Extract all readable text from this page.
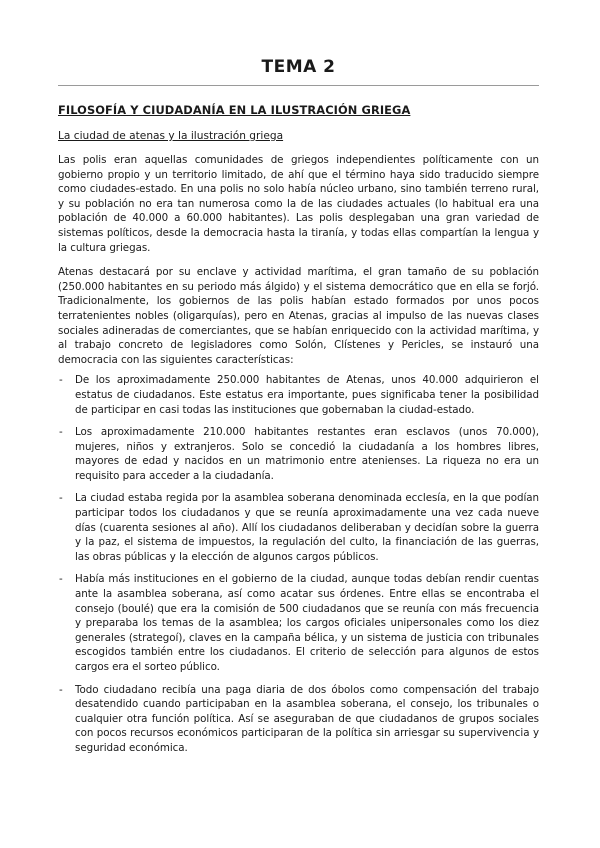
TEMA 2
FILOSOFÍA Y CIUDADANÍA EN LA ILUSTRACIÓN GRIEGA
La ciudad de atenas y la ilustración griega

Las polis eran aquellas comunidades de griegos independientes políticamente con un gobierno propio y un territorio limitado, de ahí que el término haya sido traducido siempre como ciudades-estado. En una polis no solo había núcleo urbano, sino también terreno rural, y su población no era tan numerosa como la de las ciudades actuales (lo habitual era una población de 40.000 a 60.000 habitantes). Las polis desplegaban una gran variedad de sistemas políticos, desde la democracia hasta la tiranía, y todas ellas compartían la lengua y la cultura griegas.

Atenas destacará por su enclave y actividad marítima, el gran tamaño de su población (250.000 habitantes en su periodo más álgido) y el sistema democrático que en ella se forjó. Tradicionalmente, los gobiernos de las polis habían estado formados por unos pocos terratenientes nobles (oligarquías), pero en Atenas, gracias al impulso de las nuevas clases sociales adineradas de comerciantes, que se habían enriquecido con la actividad marítima, y al trabajo concreto de legisladores como Solón, Clístenes y Pericles, se instauró una democracia con las siguientes características:

- De los aproximadamente 250.000 habitantes de Atenas, unos 40.000 adquirieron el estatus de ciudadanos. Este estatus era importante, pues significaba tener la posibilidad de participar en casi todas las instituciones que gobernaban la ciudad-estado.
- Los aproximadamente 210.000 habitantes restantes eran esclavos (unos 70.000), mujeres, niños y extranjeros. Solo se concedió la ciudadanía a los hombres libres, mayores de edad y nacidos en un matrimonio entre atenienses. La riqueza no era un requisito para acceder a la ciudadanía.
- La ciudad estaba regida por la asamblea soberana denominada ecclesía, en la que podían participar todos los ciudadanos y que se reunía aproximadamente una vez cada nueve días (cuarenta sesiones al año). Allí los ciudadanos deliberaban y decidían sobre la guerra y la paz, el sistema de impuestos, la regulación del culto, la financiación de las guerras, las obras públicas y la elección de algunos cargos públicos.
- Había más instituciones en el gobierno de la ciudad, aunque todas debían rendir cuentas ante la asamblea soberana, así como acatar sus órdenes. Entre ellas se encontraba el consejo (boulé) que era la comisión de 500 ciudadanos que se reunía con más frecuencia y preparaba los temas de la asamblea; los cargos oficiales unipersonales como los diez generales (strategoí), claves en la campaña bélica, y un sistema de justicia con tribunales escogidos también entre los ciudadanos. El criterio de selección para algunos de estos cargos era el sorteo público.
- Todo ciudadano recibía una paga diaria de dos óbolos como compensación del trabajo desatendido cuando participaban en la asamblea soberana, el consejo, los tribunales o cualquier otra función política. Así se aseguraban de que ciudadanos de grupos sociales con pocos recursos económicos participaran de la política sin arriesgar su supervivencia y seguridad económica.
